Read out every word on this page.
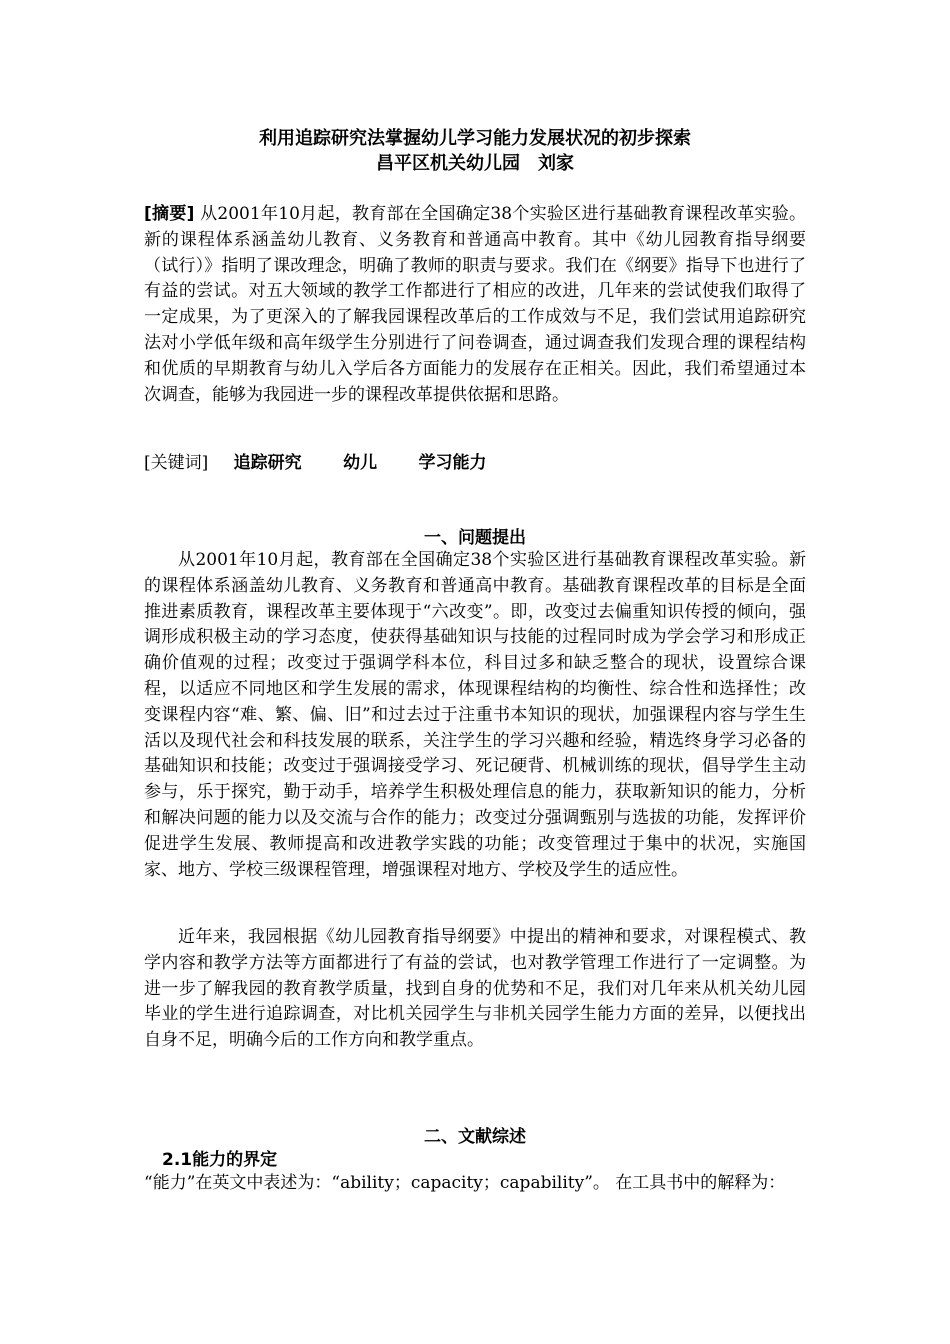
利用追踪研究法掌握幼儿学习能力发展状况的初步探索
昌平区机关幼儿园　刘家
[摘要] 从2001年10月起，教育部在全国确定38个实验区进行基础教育课程改革实验。新的课程体系涵盖幼儿教育、义务教育和普通高中教育。其中《幼儿园教育指导纲要（试行）》指明了课改理念，明确了教师的职责与要求。我们在《纲要》指导下也进行了有益的尝试。对五大领域的教学工作都进行了相应的改进，几年来的尝试使我们取得了一定成果，为了更深入的了解我园课程改革后的工作成效与不足，我们尝试用追踪研究法对小学低年级和高年级学生分别进行了问卷调查，通过调查我们发现合理的课程结构和优质的早期教育与幼儿入学后各方面能力的发展存在正相关。因此，我们希望通过本次调查，能够为我园进一步的课程改革提供依据和思路。
[关键词] 追踪研究 幼儿 学习能力
一、问题提出
从2001年10月起，教育部在全国确定38个实验区进行基础教育课程改革实验。新的课程体系涵盖幼儿教育、义务教育和普通高中教育。基础教育课程改革的目标是全面推进素质教育，课程改革主要体现于“六改变”。即，改变过去偏重知识传授的倾向，强调形成积极主动的学习态度，使获得基础知识与技能的过程同时成为学会学习和形成正确价值观的过程；改变过于强调学科本位，科目过多和缺乏整合的现状，设置综合课程，以适应不同地区和学生发展的需求，体现课程结构的均衡性、综合性和选择性；改变课程内容“难、繁、偏、旧”和过去过于注重书本知识的现状，加强课程内容与学生生活以及现代社会和科技发展的联系，关注学生的学习兴趣和经验，精选终身学习必备的基础知识和技能；改变过于强调接受学习、死记硬背、机械训练的现状，倡导学生主动参与，乐于探究，勤于动手，培养学生积极处理信息的能力，获取新知识的能力，分析和解决问题的能力以及交流与合作的能力；改变过分强调甄别与选拔的功能，发挥评价促进学生发展、教师提高和改进教学实践的功能；改变管理过于集中的状况，实施国家、地方、学校三级课程管理，增强课程对地方、学校及学生的适应性。
近年来，我园根据《幼儿园教育指导纲要》中提出的精神和要求，对课程模式、教学内容和教学方法等方面都进行了有益的尝试，也对教学管理工作进行了一定调整。为进一步了解我园的教育教学质量，找到自身的优势和不足，我们对几年来从机关幼儿园毕业的学生进行追踪调查，对比机关园学生与非机关园学生能力方面的差异，以便找出自身不足，明确今后的工作方向和教学重点。
二、文献综述
2.1能力的界定
“能力”在英文中表述为：“ability；capacity；capability”。 在工具书中的解释为：
